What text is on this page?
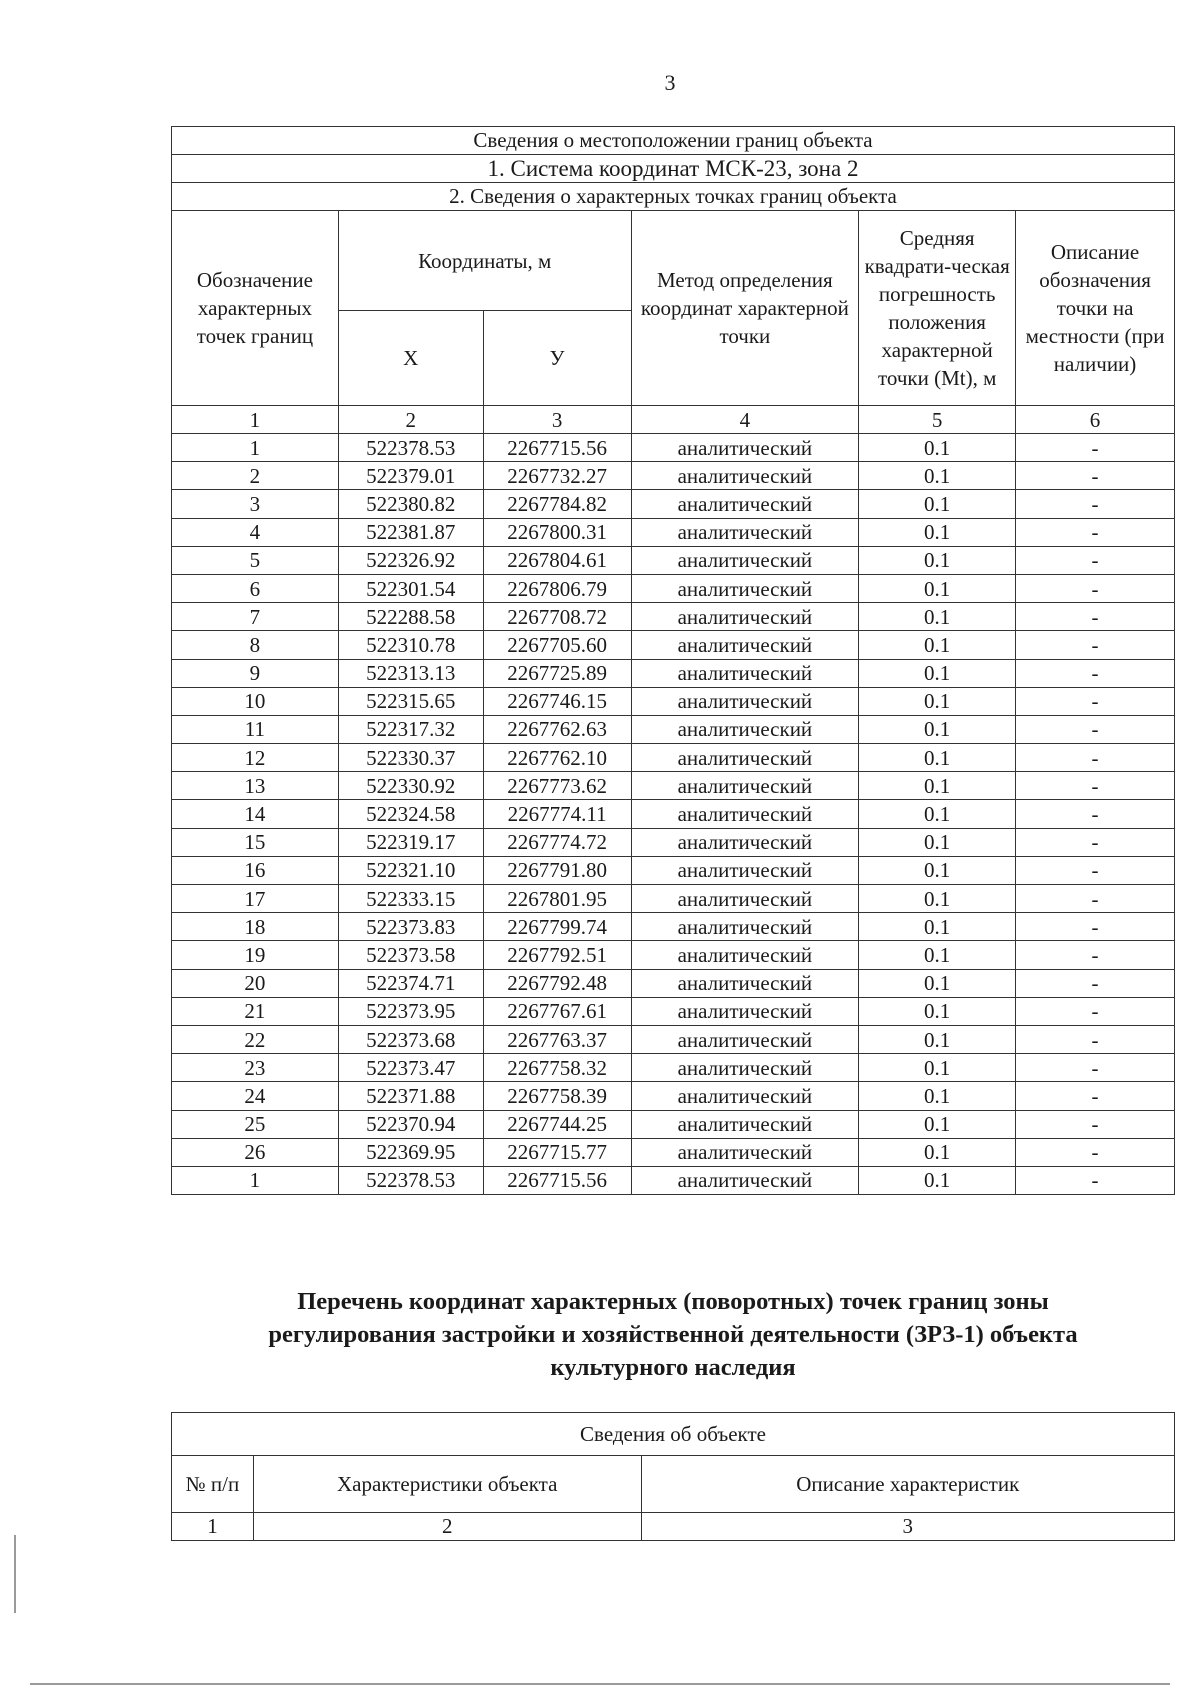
3
Сведения о местоположении границ объекта					
1. Система координат МСК-23, зона 2					
2. Сведения о характерных точках границ объекта					
Обозначение характерных точек границ	Координаты, м		Метод определения координат характерной точки	Средняя квадрати-ческая погрешность положения характерной точки (Mt), м	Описание обозначения точки на местности (при наличии)
	X	У			
1	2	3	4	5	6
1	522378.53	2267715.56	аналитический	0.1	-
2	522379.01	2267732.27	аналитический	0.1	-
3	522380.82	2267784.82	аналитический	0.1	-
4	522381.87	2267800.31	аналитический	0.1	-
5	522326.92	2267804.61	аналитический	0.1	-
6	522301.54	2267806.79	аналитический	0.1	-
7	522288.58	2267708.72	аналитический	0.1	-
8	522310.78	2267705.60	аналитический	0.1	-
9	522313.13	2267725.89	аналитический	0.1	-
10	522315.65	2267746.15	аналитический	0.1	-
11	522317.32	2267762.63	аналитический	0.1	-
12	522330.37	2267762.10	аналитический	0.1	-
13	522330.92	2267773.62	аналитический	0.1	-
14	522324.58	2267774.11	аналитический	0.1	-
15	522319.17	2267774.72	аналитический	0.1	-
16	522321.10	2267791.80	аналитический	0.1	-
17	522333.15	2267801.95	аналитический	0.1	-
18	522373.83	2267799.74	аналитический	0.1	-
19	522373.58	2267792.51	аналитический	0.1	-
20	522374.71	2267792.48	аналитический	0.1	-
21	522373.95	2267767.61	аналитический	0.1	-
22	522373.68	2267763.37	аналитический	0.1	-
23	522373.47	2267758.32	аналитический	0.1	-
24	522371.88	2267758.39	аналитический	0.1	-
25	522370.94	2267744.25	аналитический	0.1	-
26	522369.95	2267715.77	аналитический	0.1	-
1	522378.53	2267715.56	аналитический	0.1	-
Перечень координат характерных (поворотных) точек границ зоны
регулирования застройки и хозяйственной деятельности (ЗРЗ-1) объекта
культурного наследия
Сведения об объекте		
№ п/п	Характеристики объекта	Описание характеристик
1	2	3
